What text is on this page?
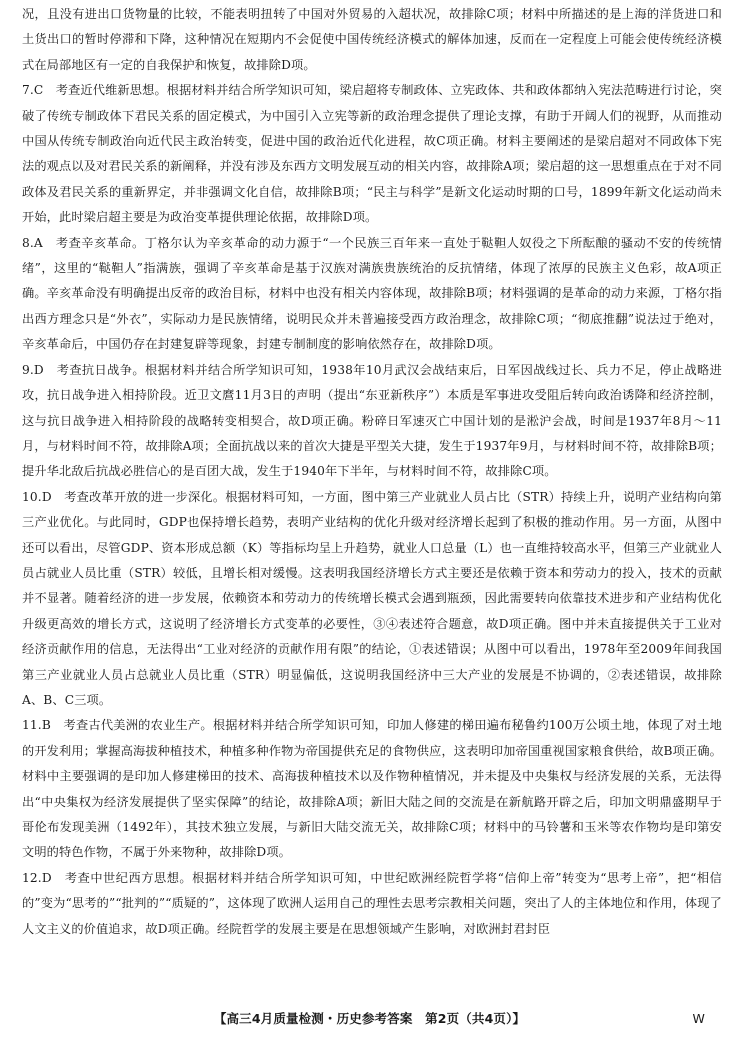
况，且没有进出口货物量的比较，不能表明扭转了中国对外贸易的入超状况，故排除C项；材料中所描述的是上海的洋货进口和土货出口的暂时停滞和下降，这种情况在短期内不会促使中国传统经济模式的解体加速，反而在一定程度上可能会使传统经济模式在局部地区有一定的自我保护和恢复，故排除D项。

7.C　考查近代维新思想。根据材料并结合所学知识可知，梁启超将专制政体、立宪政体、共和政体都纳入宪法范畴进行讨论，突破了传统专制政体下君民关系的固定模式，为中国引入立宪等新的政治理念提供了理论支撑，有助于开阔人们的视野，从而推动中国从传统专制政治向近代民主政治转变，促进中国的政治近代化进程，故C项正确。材料主要阐述的是梁启超对不同政体下宪法的观点以及对君民关系的新阐释，并没有涉及东西方文明发展互动的相关内容，故排除A项；梁启超的这一思想重点在于对不同政体及君民关系的重新界定，并非强调文化自信，故排除B项；“民主与科学”是新文化运动时期的口号，1899年新文化运动尚未开始，此时梁启超主要是为政治变革提供理论依据，故排除D项。

8.A　考查辛亥革命。丁格尔认为辛亥革命的动力源于“一个民族三百年来一直处于鞑靼人奴役之下所酝酿的骚动不安的传统情绪”，这里的“鞑靼人”指满族，强调了辛亥革命是基于汉族对满族贵族统治的反抗情绪，体现了浓厚的民族主义色彩，故A项正确。辛亥革命没有明确提出反帝的政治目标，材料中也没有相关内容体现，故排除B项；材料强调的是革命的动力来源，丁格尔指出西方理念只是“外衣”，实际动力是民族情绪，说明民众并未普遍接受西方政治理念，故排除C项；“彻底推翻”说法过于绝对，辛亥革命后，中国仍存在封建复辟等现象，封建专制制度的影响依然存在，故排除D项。

9.D　考查抗日战争。根据材料并结合所学知识可知，1938年10月武汉会战结束后，日军因战线过长、兵力不足，停止战略进攻，抗日战争进入相持阶段。近卫文麿11月3日的声明（提出“东亚新秩序”）本质是军事进攻受阻后转向政治诱降和经济控制，这与抗日战争进入相持阶段的战略转变相契合，故D项正确。粉碎日军速灭亡中国计划的是淞沪会战，时间是1937年8月～11月，与材料时间不符，故排除A项；全面抗战以来的首次大捷是平型关大捷，发生于1937年9月，与材料时间不符，故排除B项；提升华北敌后抗战必胜信心的是百团大战，发生于1940年下半年，与材料时间不符，故排除C项。

10.D　考查改革开放的进一步深化。根据材料可知，一方面，图中第三产业就业人员占比（STR）持续上升，说明产业结构向第三产业优化。与此同时，GDP也保持增长趋势，表明产业结构的优化升级对经济增长起到了积极的推动作用。另一方面，从图中还可以看出，尽管GDP、资本形成总额（K）等指标均呈上升趋势，就业人口总量（L）也一直维持较高水平，但第三产业就业人员占就业人员比重（STR）较低，且增长相对缓慢。这表明我国经济增长方式主要还是依赖于资本和劳动力的投入，技术的贡献并不显著。随着经济的进一步发展，依赖资本和劳动力的传统增长模式会遇到瓶颈，因此需要转向依靠技术进步和产业结构优化升级更高效的增长方式，这说明了经济增长方式变革的必要性，③④表述符合题意，故D项正确。图中并未直接提供关于工业对经济贡献作用的信息，无法得出“工业对经济的贡献作用有限”的结论，①表述错误；从图中可以看出，1978年至2009年间我国第三产业就业人员占总就业人员比重（STR）明显偏低，这说明我国经济中三大产业的发展是不协调的，②表述错误，故排除A、B、C三项。

11.B　考查古代美洲的农业生产。根据材料并结合所学知识可知，印加人修建的梯田遍布秘鲁约100万公顷土地，体现了对土地的开发利用；掌握高海拔种植技术，种植多种作物为帝国提供充足的食物供应，这表明印加帝国重视国家粮食供给，故B项正确。材料中主要强调的是印加人修建梯田的技术、高海拔种植技术以及作物种植情况，并未提及中央集权与经济发展的关系，无法得出“中央集权为经济发展提供了坚实保障”的结论，故排除A项；新旧大陆之间的交流是在新航路开辟之后，印加文明鼎盛期早于哥伦布发现美洲（1492年），其技术独立发展，与新旧大陆交流无关，故排除C项；材料中的马铃薯和玉米等农作物均是印第安文明的特色作物，不属于外来物种，故排除D项。

12.D　考查中世纪西方思想。根据材料并结合所学知识可知，中世纪欧洲经院哲学将“信仰上帝”转变为“思考上帝”，把“相信的”变为“思考的”“批判的”“质疑的”，这体现了欧洲人运用自己的理性去思考宗教相关问题，突出了人的主体地位和作用，体现了人文主义的价值追求，故D项正确。经院哲学的发展主要是在思想领域产生影响，对欧洲封君封臣

【高三4月质量检测・历史参考答案　第2页（共4页）】	W
